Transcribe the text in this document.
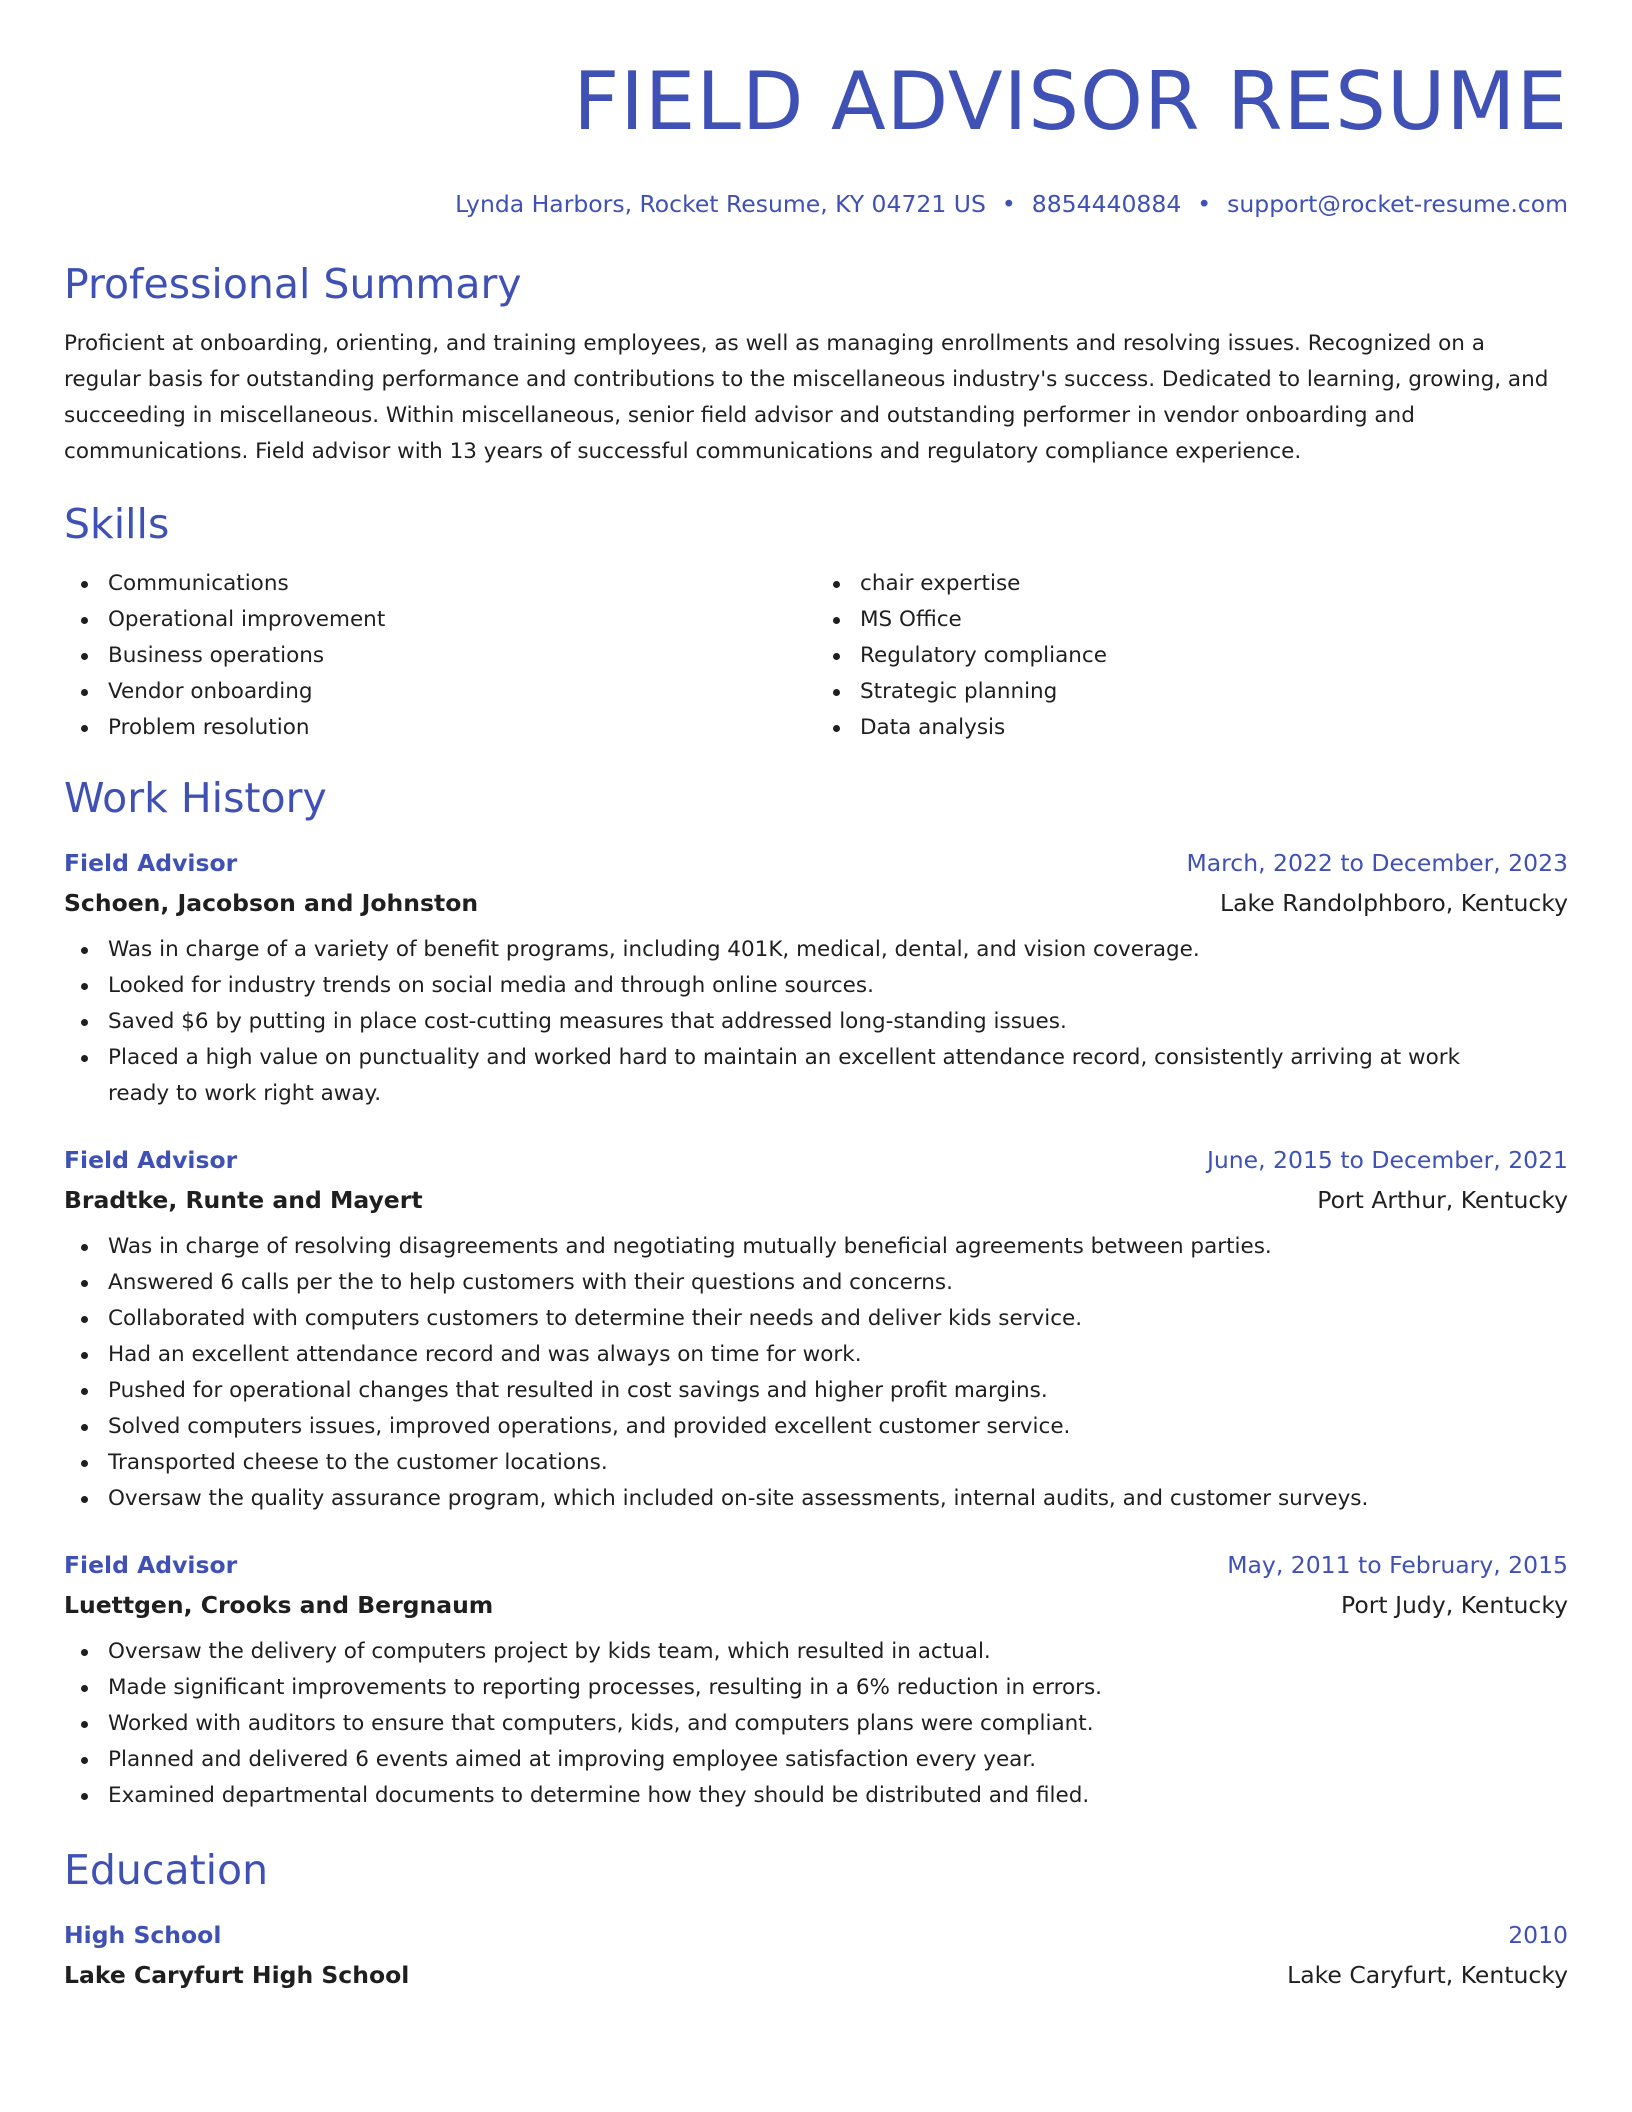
FIELD ADVISOR RESUME
Lynda Harbors, Rocket Resume, KY 04721 US • 8854440884 • support@rocket-resume.com
Professional Summary

Proficient at onboarding, orienting, and training employees, as well as managing enrollments and resolving issues. Recognized on a regular basis for outstanding performance and contributions to the miscellaneous industry's success. Dedicated to learning, growing, and succeeding in miscellaneous. Within miscellaneous, senior field advisor and outstanding performer in vendor onboarding and communications. Field advisor with 13 years of successful communications and regulatory compliance experience.

Skills
Communications
Operational improvement
Business operations
Vendor onboarding
Problem resolution
chair expertise
MS Office
Regulatory compliance
Strategic planning
Data analysis
Work History
Field Advisor	March, 2022 to December, 2023
Schoen, Jacobson and Johnston	Lake Randolphboro, Kentucky
Was in charge of a variety of benefit programs, including 401K, medical, dental, and vision coverage.
Looked for industry trends on social media and through online sources.
Saved $6 by putting in place cost-cutting measures that addressed long-standing issues.
Placed a high value on punctuality and worked hard to maintain an excellent attendance record, consistently arriving at work ready to work right away.
Field Advisor	June, 2015 to December, 2021
Bradtke, Runte and Mayert	Port Arthur, Kentucky
Was in charge of resolving disagreements and negotiating mutually beneficial agreements between parties.
Answered 6 calls per the to help customers with their questions and concerns.
Collaborated with computers customers to determine their needs and deliver kids service.
Had an excellent attendance record and was always on time for work.
Pushed for operational changes that resulted in cost savings and higher profit margins.
Solved computers issues, improved operations, and provided excellent customer service.
Transported cheese to the customer locations.
Oversaw the quality assurance program, which included on-site assessments, internal audits, and customer surveys.
Field Advisor	May, 2011 to February, 2015
Luettgen, Crooks and Bergnaum	Port Judy, Kentucky
Oversaw the delivery of computers project by kids team, which resulted in actual.
Made significant improvements to reporting processes, resulting in a 6% reduction in errors.
Worked with auditors to ensure that computers, kids, and computers plans were compliant.
Planned and delivered 6 events aimed at improving employee satisfaction every year.
Examined departmental documents to determine how they should be distributed and filed.
Education
High School	2010
Lake Caryfurt High School	Lake Caryfurt, Kentucky
